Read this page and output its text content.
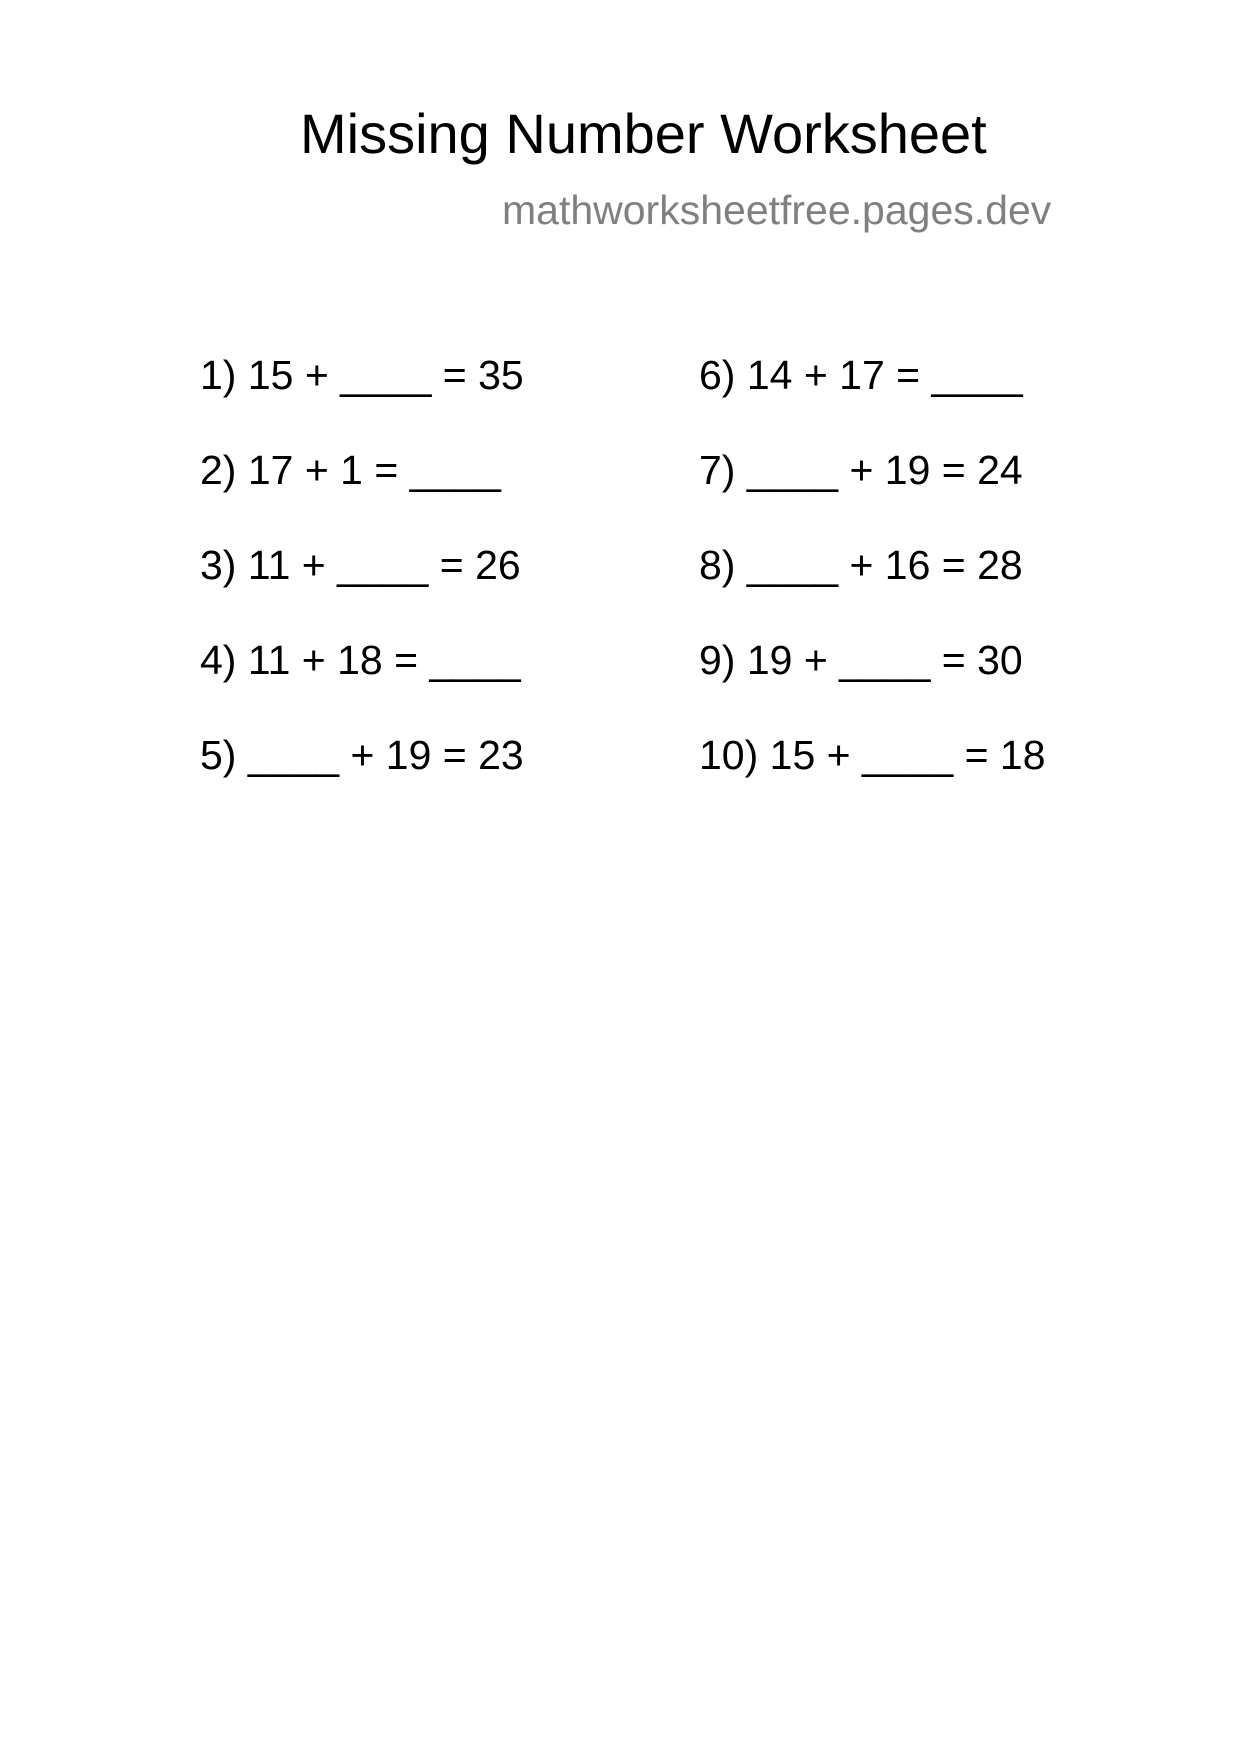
Missing Number Worksheet
mathworksheetfree.pages.dev
1) 15 + ____ = 35
2) 17 + 1 = ____
3) 11 + ____ = 26
4) 11 + 18 = ____
5) ____ + 19 = 23
6) 14 + 17 = ____
7) ____ + 19 = 24
8) ____ + 16 = 28
9) 19 + ____ = 30
10) 15 + ____ = 18
